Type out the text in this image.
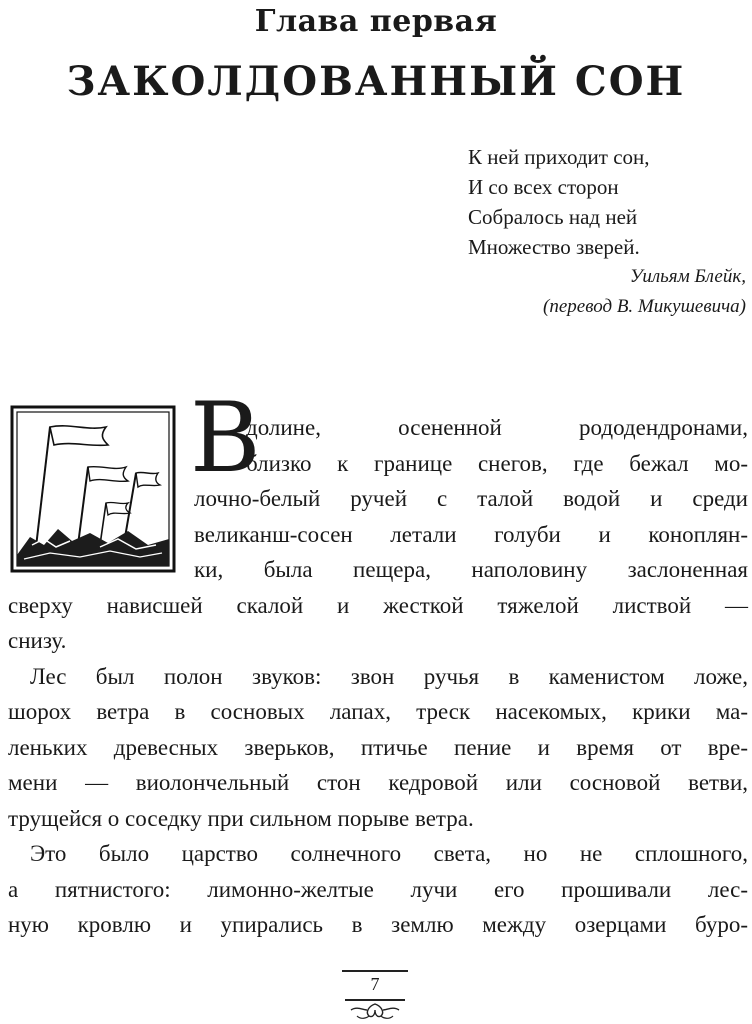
Глава первая
ЗАКОЛДОВАННЫЙ СОН
К ней приходит сон,
И со всех сторон
Собралось над ней
Множество зверей.
Уильям Блейк,
(перевод В. Микушевича)
В
долине, осененной рододендронами,
близко к границе снегов, где бежал мо-
лочно-белый ручей с талой водой и среди
великанш-сосен летали голуби и коноплян-
ки, была пещера, наполовину заслоненная
сверху нависшей скалой и жесткой тяжелой листвой —
снизу.
Лес был полон звуков: звон ручья в каменистом ложе,
шорох ветра в сосновых лапах, треск насекомых, крики ма-
леньких древесных зверьков, птичье пение и время от вре-
мени — виолончельный стон кедровой или сосновой ветви,
трущейся о соседку при сильном порыве ветра.
Это было царство солнечного света, но не сплошного,
а пятнистого: лимонно-желтые лучи его прошивали лес-
ную кровлю и упирались в землю между озерцами буро-
7
